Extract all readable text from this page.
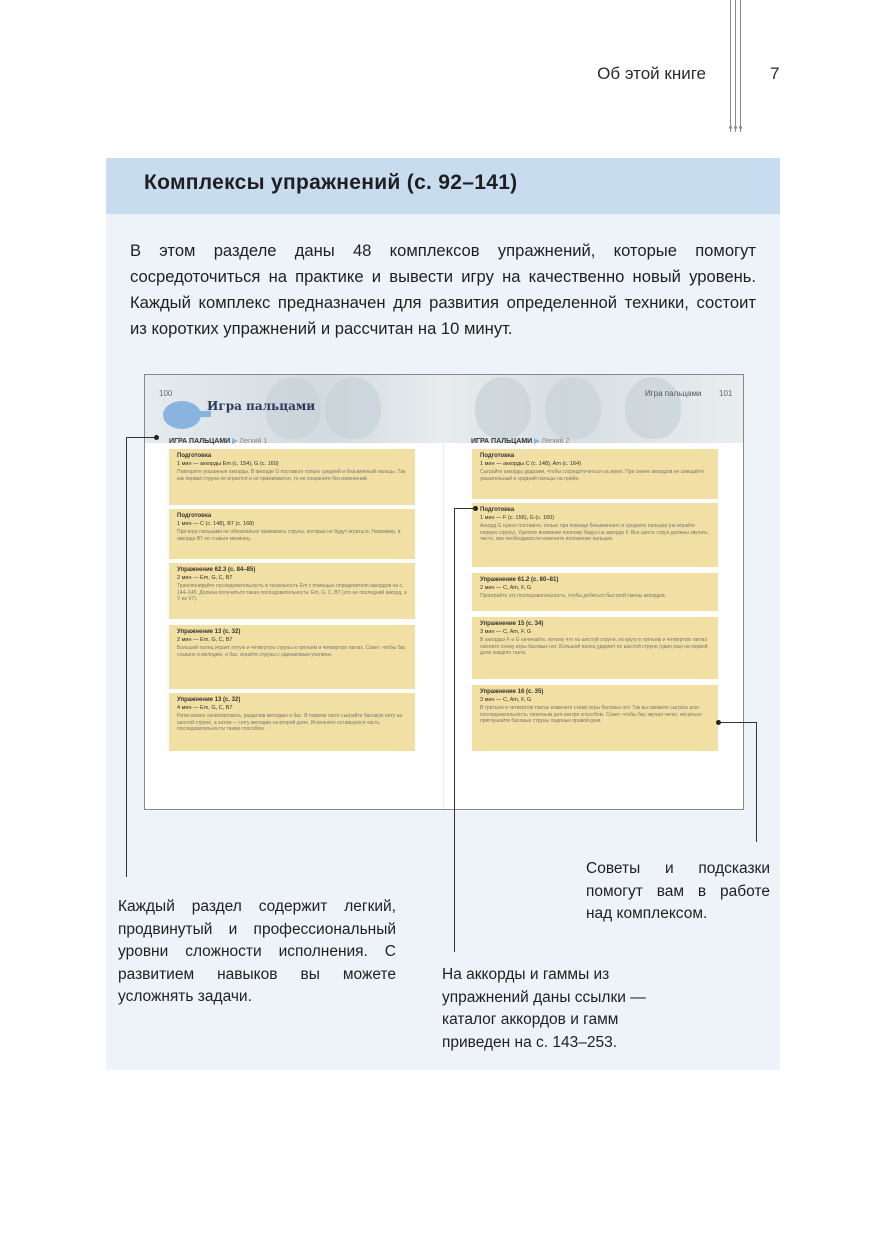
Об этой книге	7
Комплексы упражнений (с. 92–141)
В этом разделе даны 48 комплексов упражнений, которые помогут сосредоточиться на практике и вывести игру на качественно новый уровень. Каждый комплекс предназначен для развития определенной техники, состоит из коротких упражнений и рассчитан на 10 минут.
100	101
Игра пальцами
Игра пальцами
ИГРА ПАЛЬЦАМИ ▶ Легкий 1	ИГРА ПАЛЬЦАМИ ▶ Легкий 2
Подготовка
1 мин — аккорды Em (с. 154), G (с. 160)
Повторите указанные аккорды. В аккорде G поставьте только средний и безымянный пальцы. Так как первая струна не играется и не прижимается, то ее сохраните без изменений.
Подготовка
1 мин — C (с. 148), B7 (с. 168)
При игре пальцами не обязательно прижимать струны, которые не будут играться. Например, в аккорде B7 не ставьте мизинец.
Упражнение 62.3 (с. 84–85)
2 мин — Em, G, C, B7
Транспонируйте последовательность в тональность Em с помощью определителя аккордов на с. 144–145. Должна получиться такая последовательность: Em, G, C, B7 (это не последний аккорд, а V из V7).
Упражнение 13 (с. 32)
2 мин — Em, G, C, B7
Большой палец играет пятую и четвертую струны в третьем и четвертом тактах. Совет: чтобы бас слышно и мелодию, и бас, играйте струны с одинаковым усилием.
Упражнение 13 (с. 32)
4 мин — Em, G, C, B7
Ритм можно синкопировать, разделив мелодию и бас. В первом такте сыграйте басовую ноту на шестой струне, а затем — ноту мелодии на второй доле. Исполните оставшуюся часть последовательности таким способом.
Подготовка
1 мин — аккорды C (с. 148), Am (с. 164)
Сыграйте аккорды ударами, чтобы сосредоточиться на звуке. При смене аккордов не смещайте указательный и средний пальцы на грифе.
Подготовка
1 мин — F (с. 156), G (с. 160)
Аккорд G нужно поставить только при помощи безымянного и среднего пальцев (не играйте первую струну). Уделите внимание полному баррэ на аккорде F. Все шесть струн должны звучать чисто, при необходимости измените положение пальцев.
Упражнение 61.2 (с. 80–81)
2 мин — C, Am, F, G
Проиграйте эту последовательность, чтобы добиться быстрой смены аккордов.
Упражнение 15 (с. 34)
3 мин — C, Am, F, G
В аккордах F и G начинайте, потому что на шестой струне, по кругу в третьем и четвертом тактах смените схему игры басовых нот. Большой палец ударяет по шестой струне (один раз) на первой доле каждого такта.
Упражнение 16 (с. 35)
3 мин — C, Am, F, G
В третьем и четвертом тактах измените схему игры басовых нот. Так вы сможете сыграть всю последовательность типичным для кантри способом. Совет: чтобы бас звучал четко, несильно приглушайте басовые струны ладонью правой руки.
Каждый раздел содержит легкий, продвинутый и профессиональный уровни сложности исполнения. С развитием навыков вы можете усложнять задачи.
На аккорды и гаммы из упражнений даны ссылки — каталог аккордов и гамм приведен на с. 143–253.
Советы и подсказки помогут вам в работе над комплексом.
